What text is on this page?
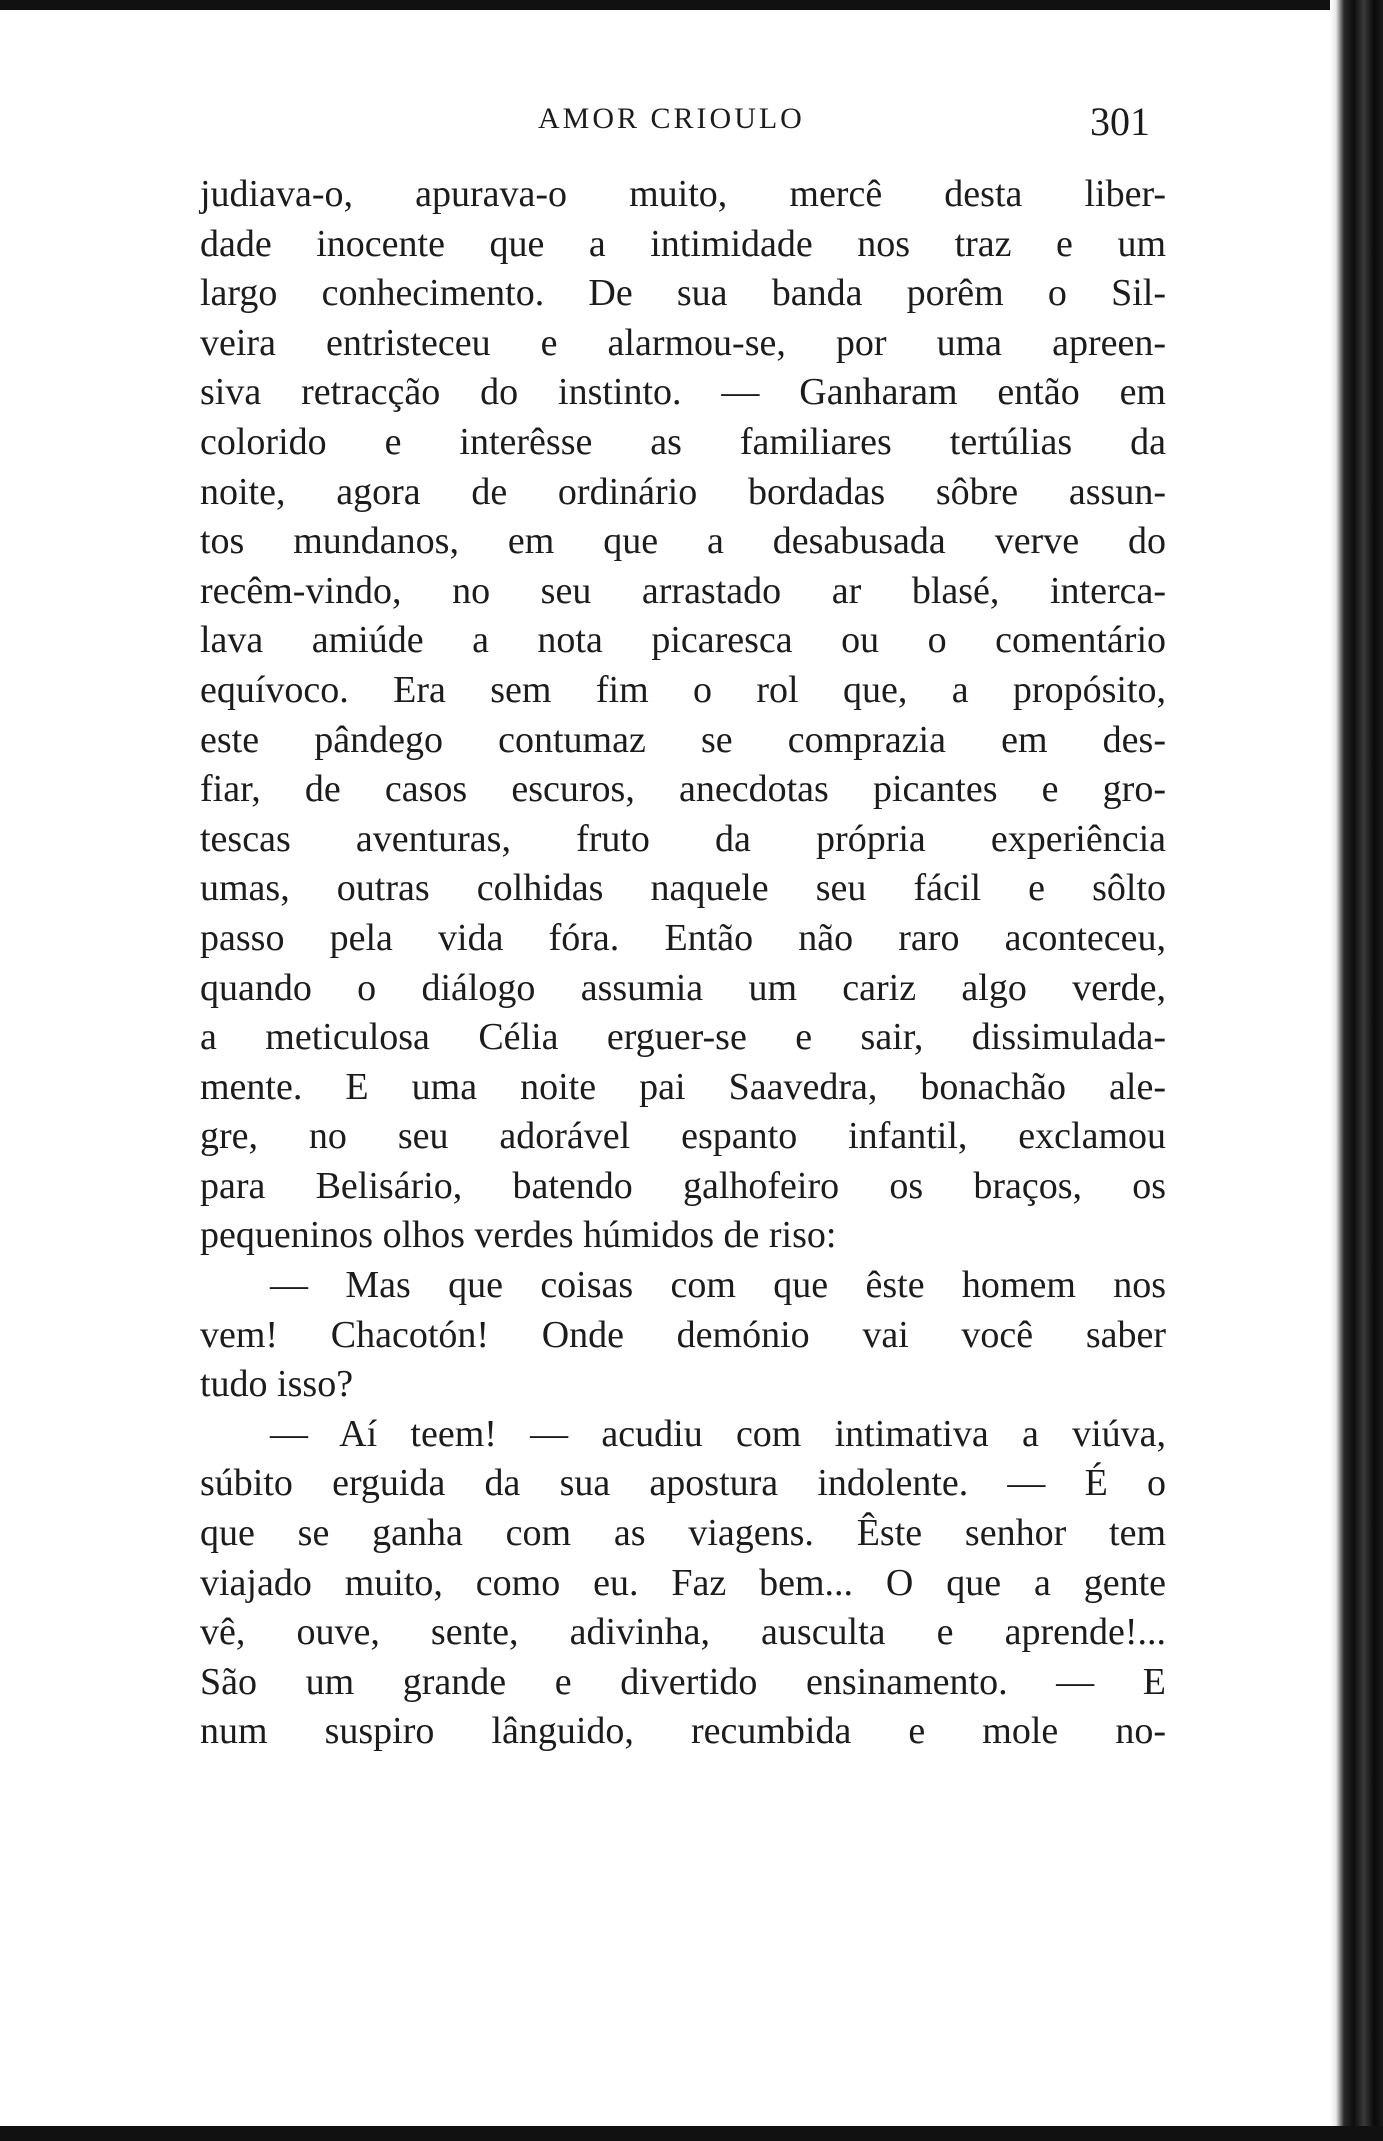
AMOR CRIOULO	301
judiava-o, apurava-o muito, mercê desta liber-
dade inocente que a intimidade nos traz e um
largo conhecimento. De sua banda porêm o Sil-
veira entristeceu e alarmou-se, por uma apreen-
siva retracção do instinto. — Ganharam então em
colorido e interêsse as familiares tertúlias da
noite, agora de ordinário bordadas sôbre assun-
tos mundanos, em que a desabusada verve do
recêm-vindo, no seu arrastado ar blasé, interca-
lava amiúde a nota picaresca ou o comentário
equívoco. Era sem fim o rol que, a propósito,
este pândego contumaz se comprazia em des-
fiar, de casos escuros, anecdotas picantes e gro-
tescas aventuras, fruto da própria experiência
umas, outras colhidas naquele seu fácil e sôlto
passo pela vida fóra. Então não raro aconteceu,
quando o diálogo assumia um cariz algo verde,
a meticulosa Célia erguer-se e sair, dissimulada-
mente. E uma noite pai Saavedra, bonachão ale-
gre, no seu adorável espanto infantil, exclamou
para Belisário, batendo galhofeiro os braços, os
pequeninos olhos verdes húmidos de riso:
— Mas que coisas com que êste homem nos
vem! Chacotón! Onde demónio vai você saber
tudo isso?
— Aí teem! — acudiu com intimativa a viúva,
súbito erguida da sua apostura indolente. — É o
que se ganha com as viagens. Êste senhor tem
viajado muito, como eu. Faz bem... O que a gente
vê, ouve, sente, adivinha, ausculta e aprende!...
São um grande e divertido ensinamento. — E
num suspiro lânguido, recumbida e mole no-
